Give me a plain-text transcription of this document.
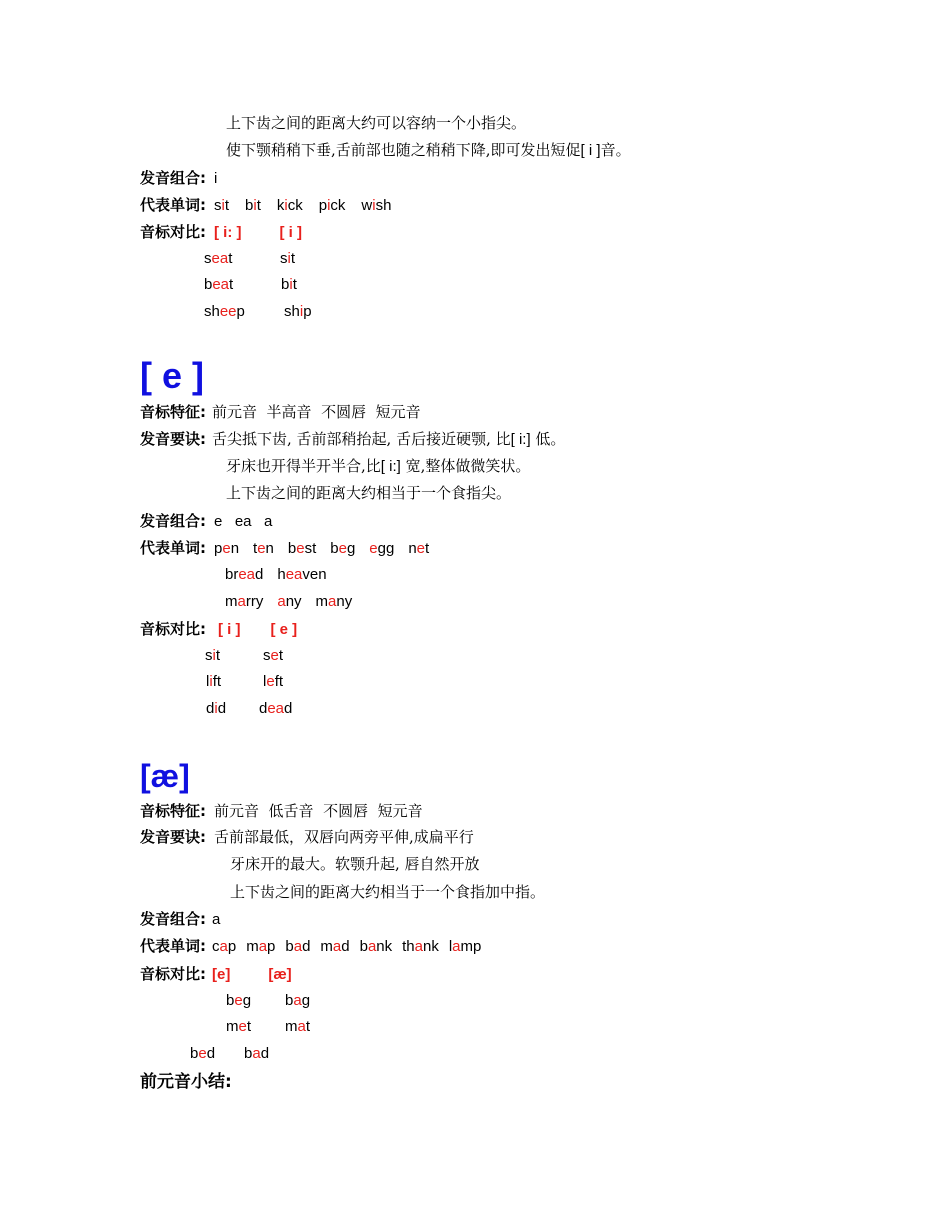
上下齿之间的距离大约可以容纳一个小指尖。
使下颚稍稍下垂,舌前部也随之稍稍下降,即可发出短促[ i ]音。
发音组合: i
代表单词: sit bit kick pick wish
音标对比: [ i: ]	[ i ]
seat	sit
beat	bit
sheep	ship
[ e ]
音标特征: 前元音  半高音  不圆唇  短元音
发音要诀: 舌尖抵下齿, 舌前部稍抬起, 舌后接近硬颚, 比[ i:] 低。
牙床也开得半开半合,比[ i:] 宽,整体做微笑状。
上下齿之间的距离大约相当于一个食指尖。
发音组合: e   ea   a
代表单词: pen ten best beg egg net
bread heaven
marry any many
音标对比: [ i ] [ e ]
sit	set
lift	left
did dead
[æ]
音标特征: 前元音  低舌音  不圆唇  短元音
发音要诀: 舌前部最低，双唇向两旁平伸,成扁平行
牙床开的最大。软颚升起, 唇自然开放
上下齿之间的距离大约相当于一个食指加中指。
发音组合: a
代表单词: cap map bad mad bank thank lamp
音标对比: [e]	[æ]
beg bag
met mat
bed bad
前元音小结:
